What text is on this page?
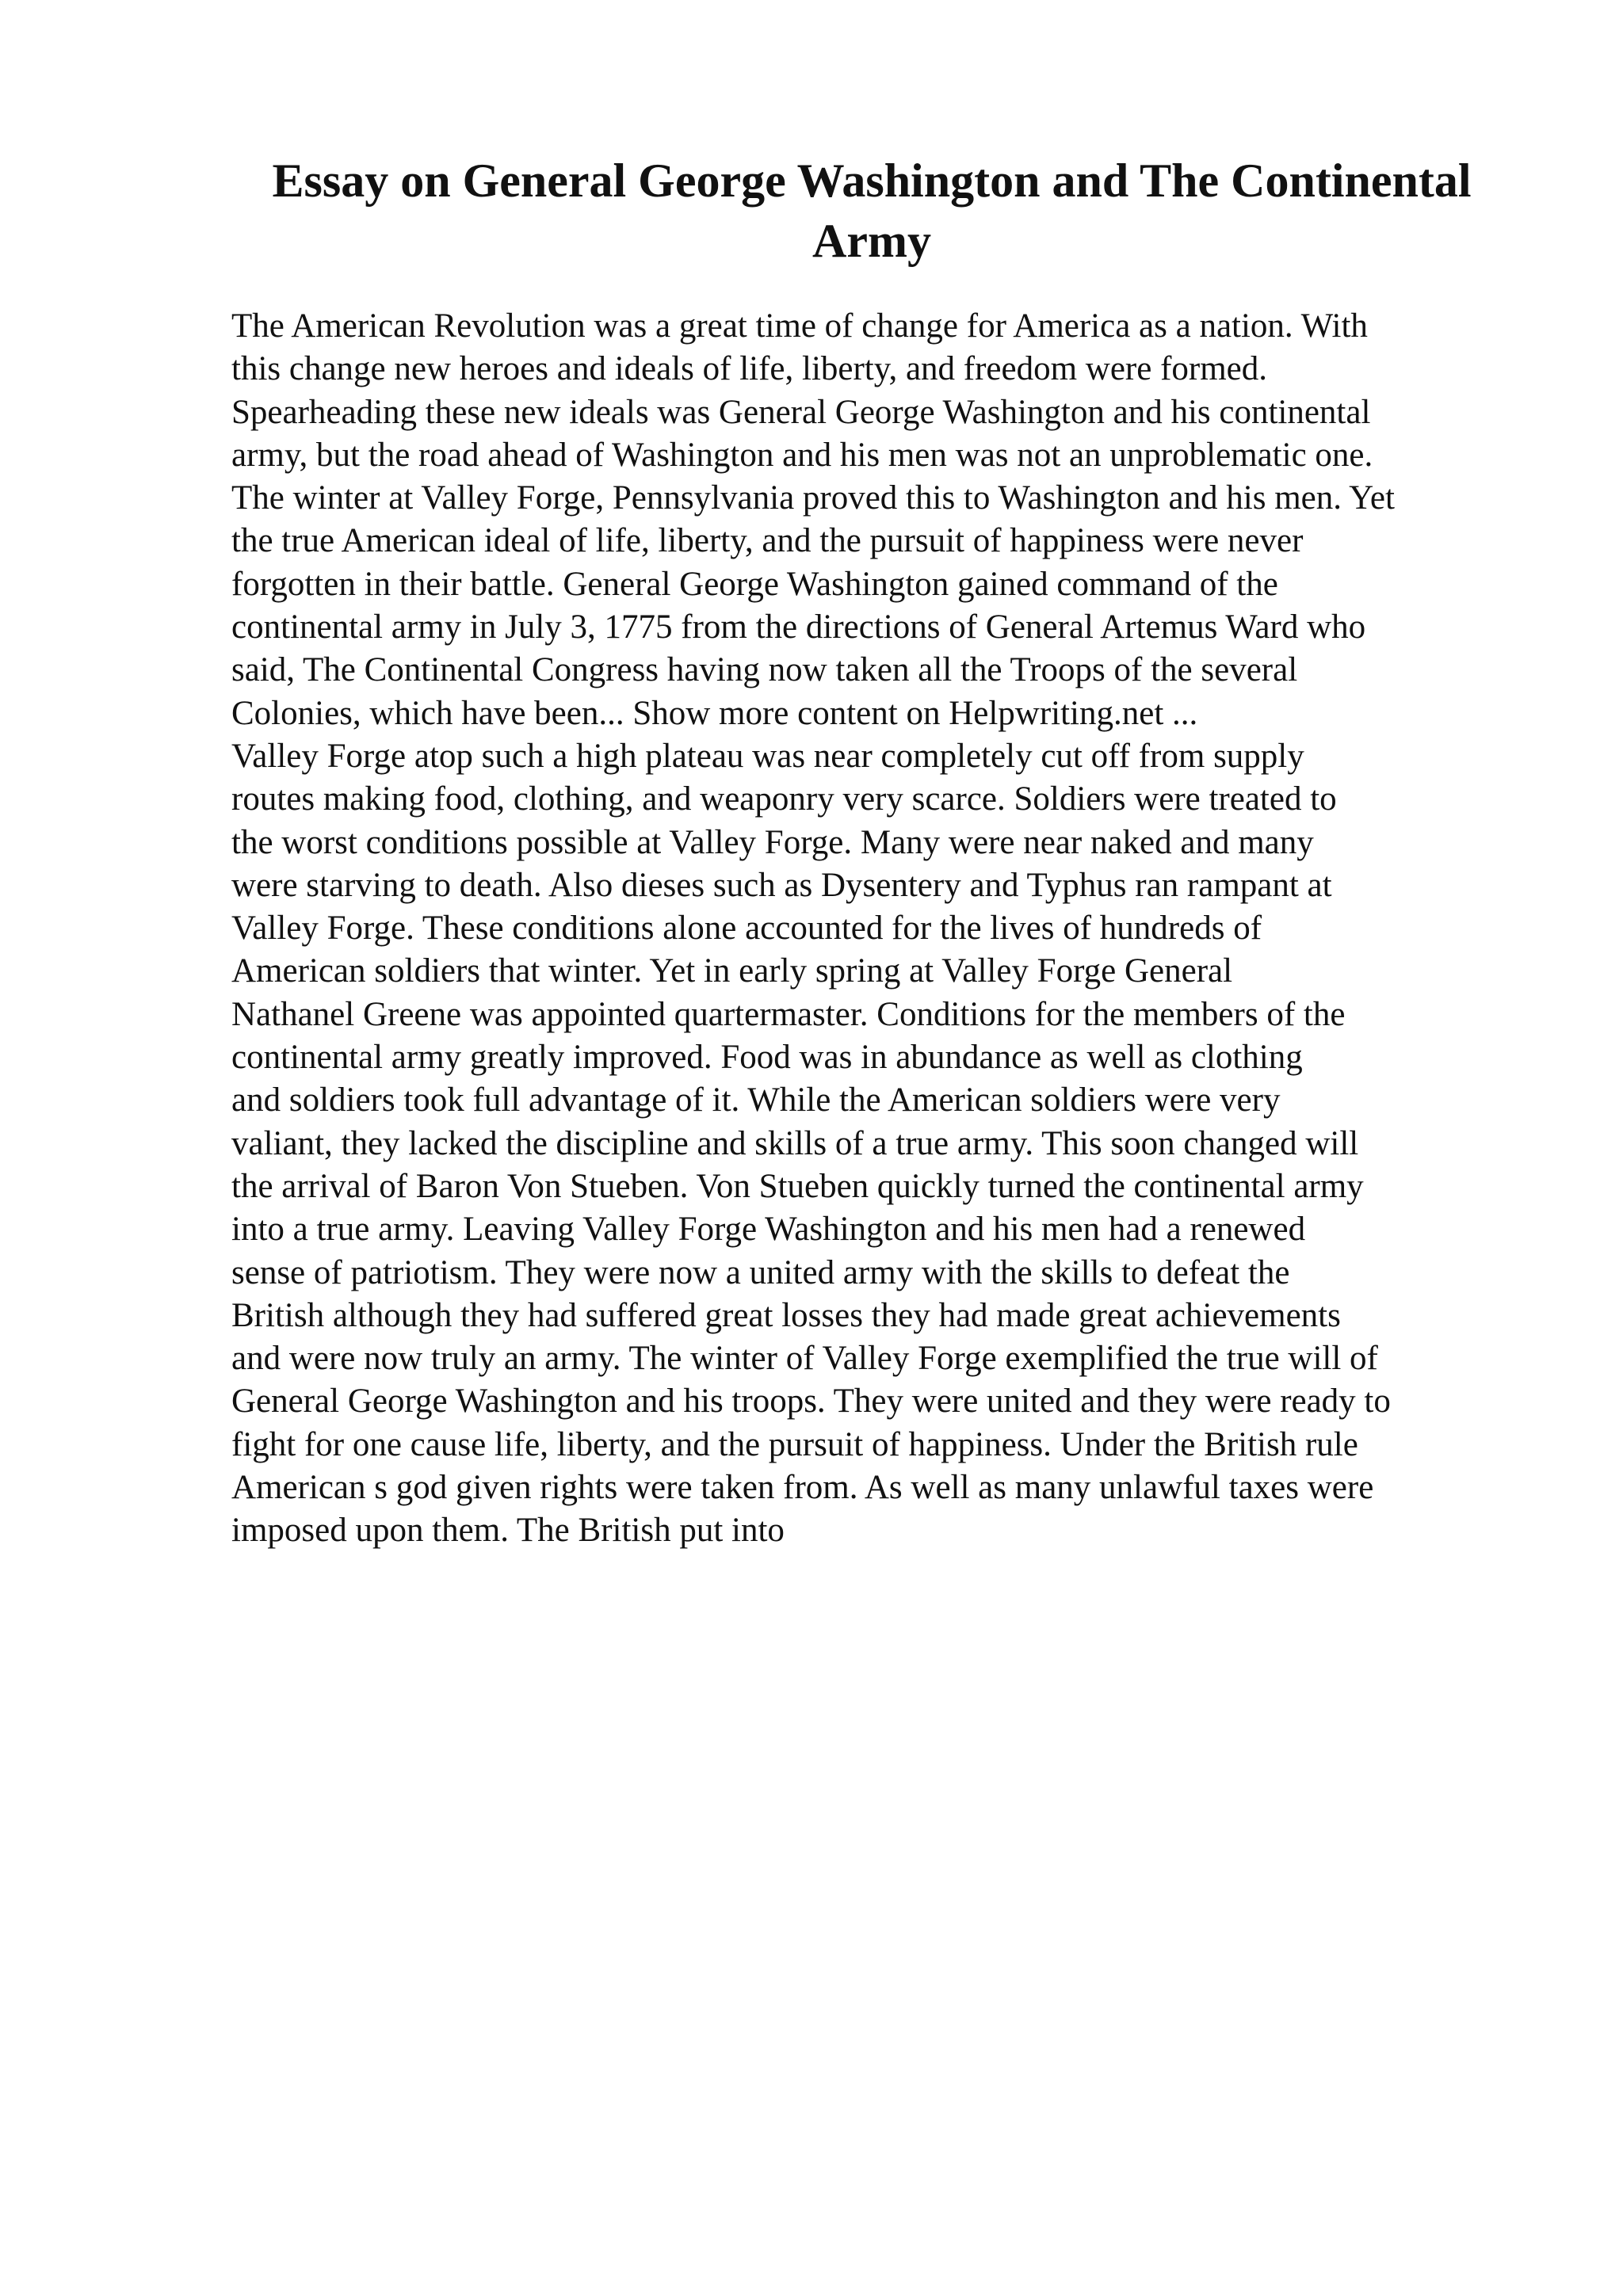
Essay on General George Washington and The Continental
Army
The American Revolution was a great time of change for America as a nation. With
this change new heroes and ideals of life, liberty, and freedom were formed.
Spearheading these new ideals was General George Washington and his continental
army, but the road ahead of Washington and his men was not an unproblematic one.
The winter at Valley Forge, Pennsylvania proved this to Washington and his men. Yet
the true American ideal of life, liberty, and the pursuit of happiness were never
forgotten in their battle. General George Washington gained command of the
continental army in July 3, 1775 from the directions of General Artemus Ward who
said, The Continental Congress having now taken all the Troops of the several
Colonies, which have been... Show more content on Helpwriting.net ...
Valley Forge atop such a high plateau was near completely cut off from supply
routes making food, clothing, and weaponry very scarce. Soldiers were treated to
the worst conditions possible at Valley Forge. Many were near naked and many
were starving to death. Also dieses such as Dysentery and Typhus ran rampant at
Valley Forge. These conditions alone accounted for the lives of hundreds of
American soldiers that winter. Yet in early spring at Valley Forge General
Nathanel Greene was appointed quartermaster. Conditions for the members of the
continental army greatly improved. Food was in abundance as well as clothing
and soldiers took full advantage of it. While the American soldiers were very
valiant, they lacked the discipline and skills of a true army. This soon changed will
the arrival of Baron Von Stueben. Von Stueben quickly turned the continental army
into a true army. Leaving Valley Forge Washington and his men had a renewed
sense of patriotism. They were now a united army with the skills to defeat the
British although they had suffered great losses they had made great achievements
and were now truly an army. The winter of Valley Forge exemplified the true will of
General George Washington and his troops. They were united and they were ready to
fight for one cause life, liberty, and the pursuit of happiness. Under the British rule
American s god given rights were taken from. As well as many unlawful taxes were
imposed upon them. The British put into
